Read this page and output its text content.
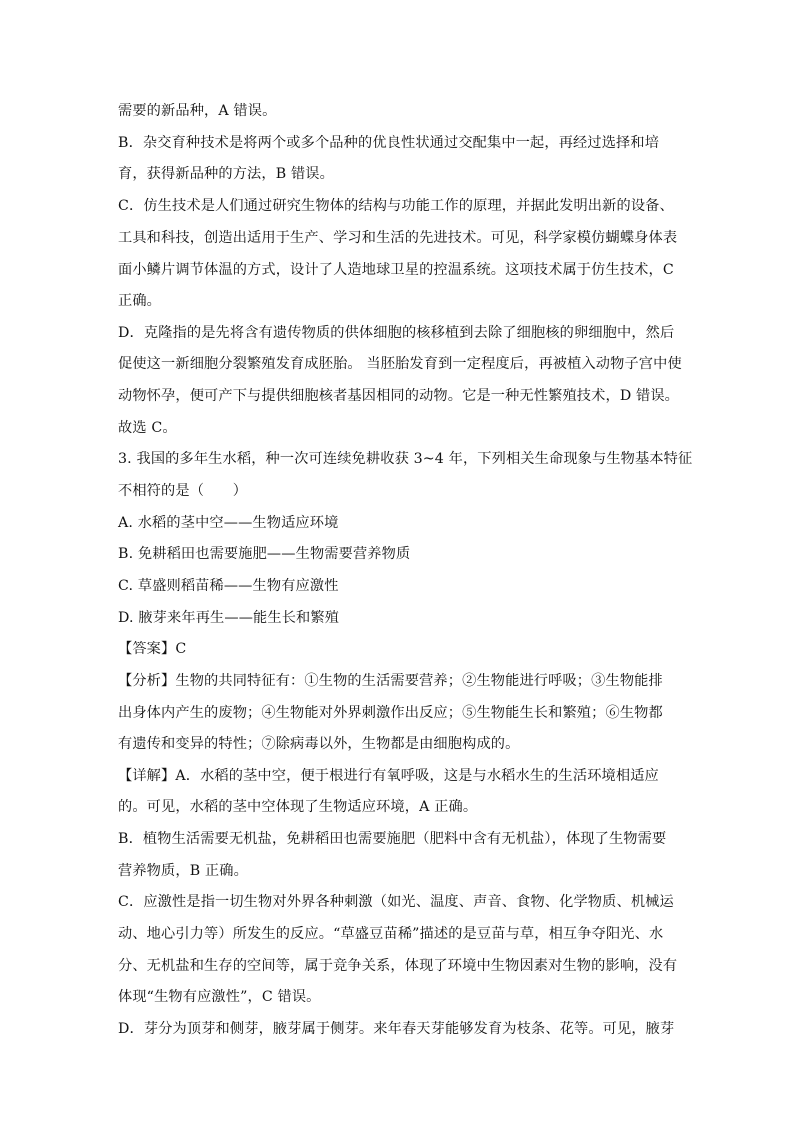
需要的新品种，A 错误。
B．杂交育种技术是将两个或多个品种的优良性状通过交配集中一起，再经过选择和培
育，获得新品种的方法，B 错误。
C．仿生技术是人们通过研究生物体的结构与功能工作的原理，并据此发明出新的设备、
工具和科技，创造出适用于生产、学习和生活的先进技术。可见，科学家模仿蝴蝶身体表
面小鳞片调节体温的方式，设计了人造地球卫星的控温系统。这项技术属于仿生技术，C
正确。
D．克隆指的是先将含有遗传物质的供体细胞的核移植到去除了细胞核的卵细胞中，然后
促使这一新细胞分裂繁殖发育成胚胎。 当胚胎发育到一定程度后，再被植入动物子宫中使
动物怀孕，便可产下与提供细胞核者基因相同的动物。它是一种无性繁殖技术，D 错误。
故选 C。
3. 我国的多年生水稻，种一次可连续免耕收获 3~4 年，下列相关生命现象与生物基本特征
不相符的是（　　）
A. 水稻的茎中空——生物适应环境
B. 免耕稻田也需要施肥——生物需要营养物质
C. 草盛则稻苗稀——生物有应激性
D. 腋芽来年再生——能生长和繁殖
【答案】C
【分析】生物的共同特征有：①生物的生活需要营养；②生物能进行呼吸；③生物能排
出身体内产生的废物；④生物能对外界刺激作出反应；⑤生物能生长和繁殖；⑥生物都
有遗传和变异的特性；⑦除病毒以外，生物都是由细胞构成的。
【详解】A．水稻的茎中空，便于根进行有氧呼吸，这是与水稻水生的生活环境相适应
的。可见，水稻的茎中空体现了生物适应环境，A 正确。
B．植物生活需要无机盐，免耕稻田也需要施肥（肥料中含有无机盐），体现了生物需要
营养物质，B 正确。
C．应激性是指一切生物对外界各种刺激（如光、温度、声音、食物、化学物质、机械运
动、地心引力等）所发生的反应。“草盛豆苗稀”描述的是豆苗与草，相互争夺阳光、水
分、无机盐和生存的空间等，属于竞争关系，体现了环境中生物因素对生物的影响，没有
体现“生物有应激性”，C 错误。
D．芽分为顶芽和侧芽，腋芽属于侧芽。来年春天芽能够发育为枝条、花等。可见，腋芽
